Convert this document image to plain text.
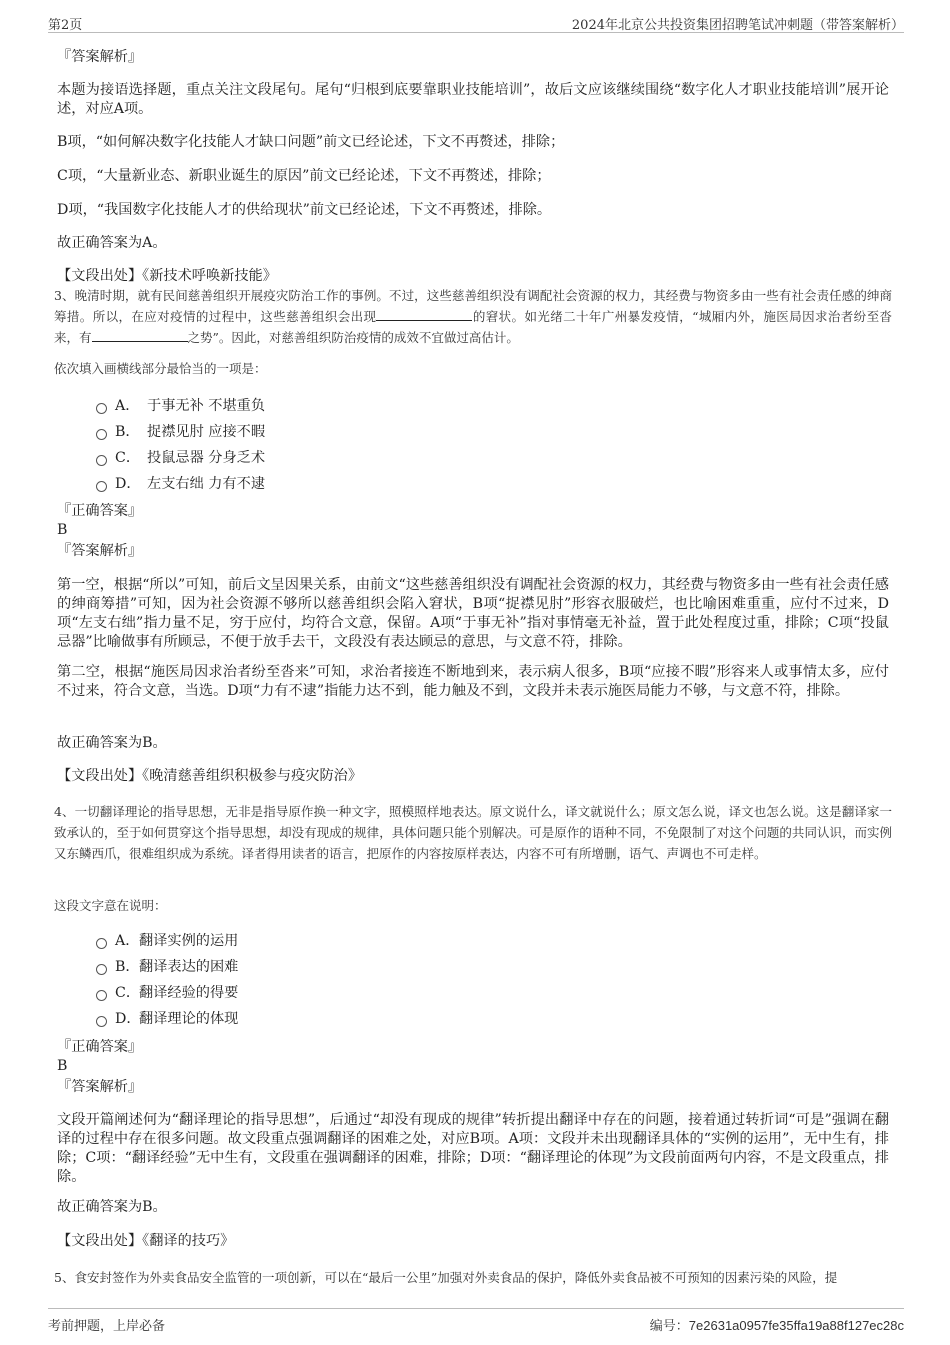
第2页	2024年北京公共投资集团招聘笔试冲刺题（带答案解析）
『答案解析』
本题为接语选择题，重点关注文段尾句。尾句“归根到底要靠职业技能培训”，故后文应该继续围绕“数字化人才职业技能培训”展开论述，对应A项。
B项，“如何解决数字化技能人才缺口问题”前文已经论述，下文不再赘述，排除；
C项，“大量新业态、新职业诞生的原因”前文已经论述，下文不再赘述，排除；
D项，“我国数字化技能人才的供给现状”前文已经论述，下文不再赘述，排除。
故正确答案为A。
【文段出处】《新技术呼唤新技能》
3、晚清时期，就有民间慈善组织开展疫灾防治工作的事例。不过，这些慈善组织没有调配社会资源的权力，其经费与物资多由一些有社会责任感的绅商筹措。所以，在应对疫情的过程中，这些慈善组织会出现	的窘状。如光绪二十年广州暴发疫情，“城厢内外，施医局因求治者纷至沓来，有	之势”。因此，对慈善组织防治疫情的成效不宜做过高估计。
依次填入画横线部分最恰当的一项是：
A． 于事无补 不堪重负
B． 捉襟见肘 应接不暇
C． 投鼠忌器 分身乏术
D． 左支右绌 力有不逮
『正确答案』
B
『答案解析』
第一空，根据“所以”可知，前后文呈因果关系，由前文“这些慈善组织没有调配社会资源的权力，其经费与物资多由一些有社会责任感的绅商筹措”可知，因为社会资源不够所以慈善组织会陷入窘状，B项“捉襟见肘”形容衣服破烂，也比喻困难重重，应付不过来，D项“左支右绌”指力量不足，穷于应付，均符合文意，保留。A项“于事无补”指对事情毫无补益，置于此处程度过重，排除；C项“投鼠忌器”比喻做事有所顾忌，不便于放手去干，文段没有表达顾忌的意思，与文意不符，排除。
第二空，根据“施医局因求治者纷至沓来”可知，求治者接连不断地到来，表示病人很多，B项“应接不暇”形容来人或事情太多，应付不过来，符合文意，当选。D项“力有不逮”指能力达不到，能力触及不到，文段并未表示施医局能力不够，与文意不符，排除。
故正确答案为B。
【文段出处】《晚清慈善组织积极参与疫灾防治》
4、一切翻译理论的指导思想，无非是指导原作换一种文字，照模照样地表达。原文说什么，译文就说什么；原文怎么说，译文也怎么说。这是翻译家一致承认的，至于如何贯穿这个指导思想，却没有现成的规律，具体问题只能个别解决。可是原作的语种不同，不免限制了对这个问题的共同认识，而实例又东鳞西爪，很难组织成为系统。译者得用读者的语言，把原作的内容按原样表达，内容不可有所增删，语气、声调也不可走样。
这段文字意在说明：
A．翻译实例的运用
B．翻译表达的困难
C．翻译经验的得要
D．翻译理论的体现
『正确答案』
B
『答案解析』
文段开篇阐述何为“翻译理论的指导思想”，后通过“却没有现成的规律”转折提出翻译中存在的问题，接着通过转折词“可是”强调在翻译的过程中存在很多问题。故文段重点强调翻译的困难之处，对应B项。A项：文段并未出现翻译具体的“实例的运用”，无中生有，排除；C项：“翻译经验”无中生有，文段重在强调翻译的困难，排除；D项：“翻译理论的体现”为文段前面两句内容，不是文段重点，排除。
故正确答案为B。
【文段出处】《翻译的技巧》
5、食安封签作为外卖食品安全监管的一项创新，可以在“最后一公里”加强对外卖食品的保护，降低外卖食品被不可预知的因素污染的风险，提
考前押题，上岸必备	编号：7e2631a0957fe35ffa19a88f127ec28c
